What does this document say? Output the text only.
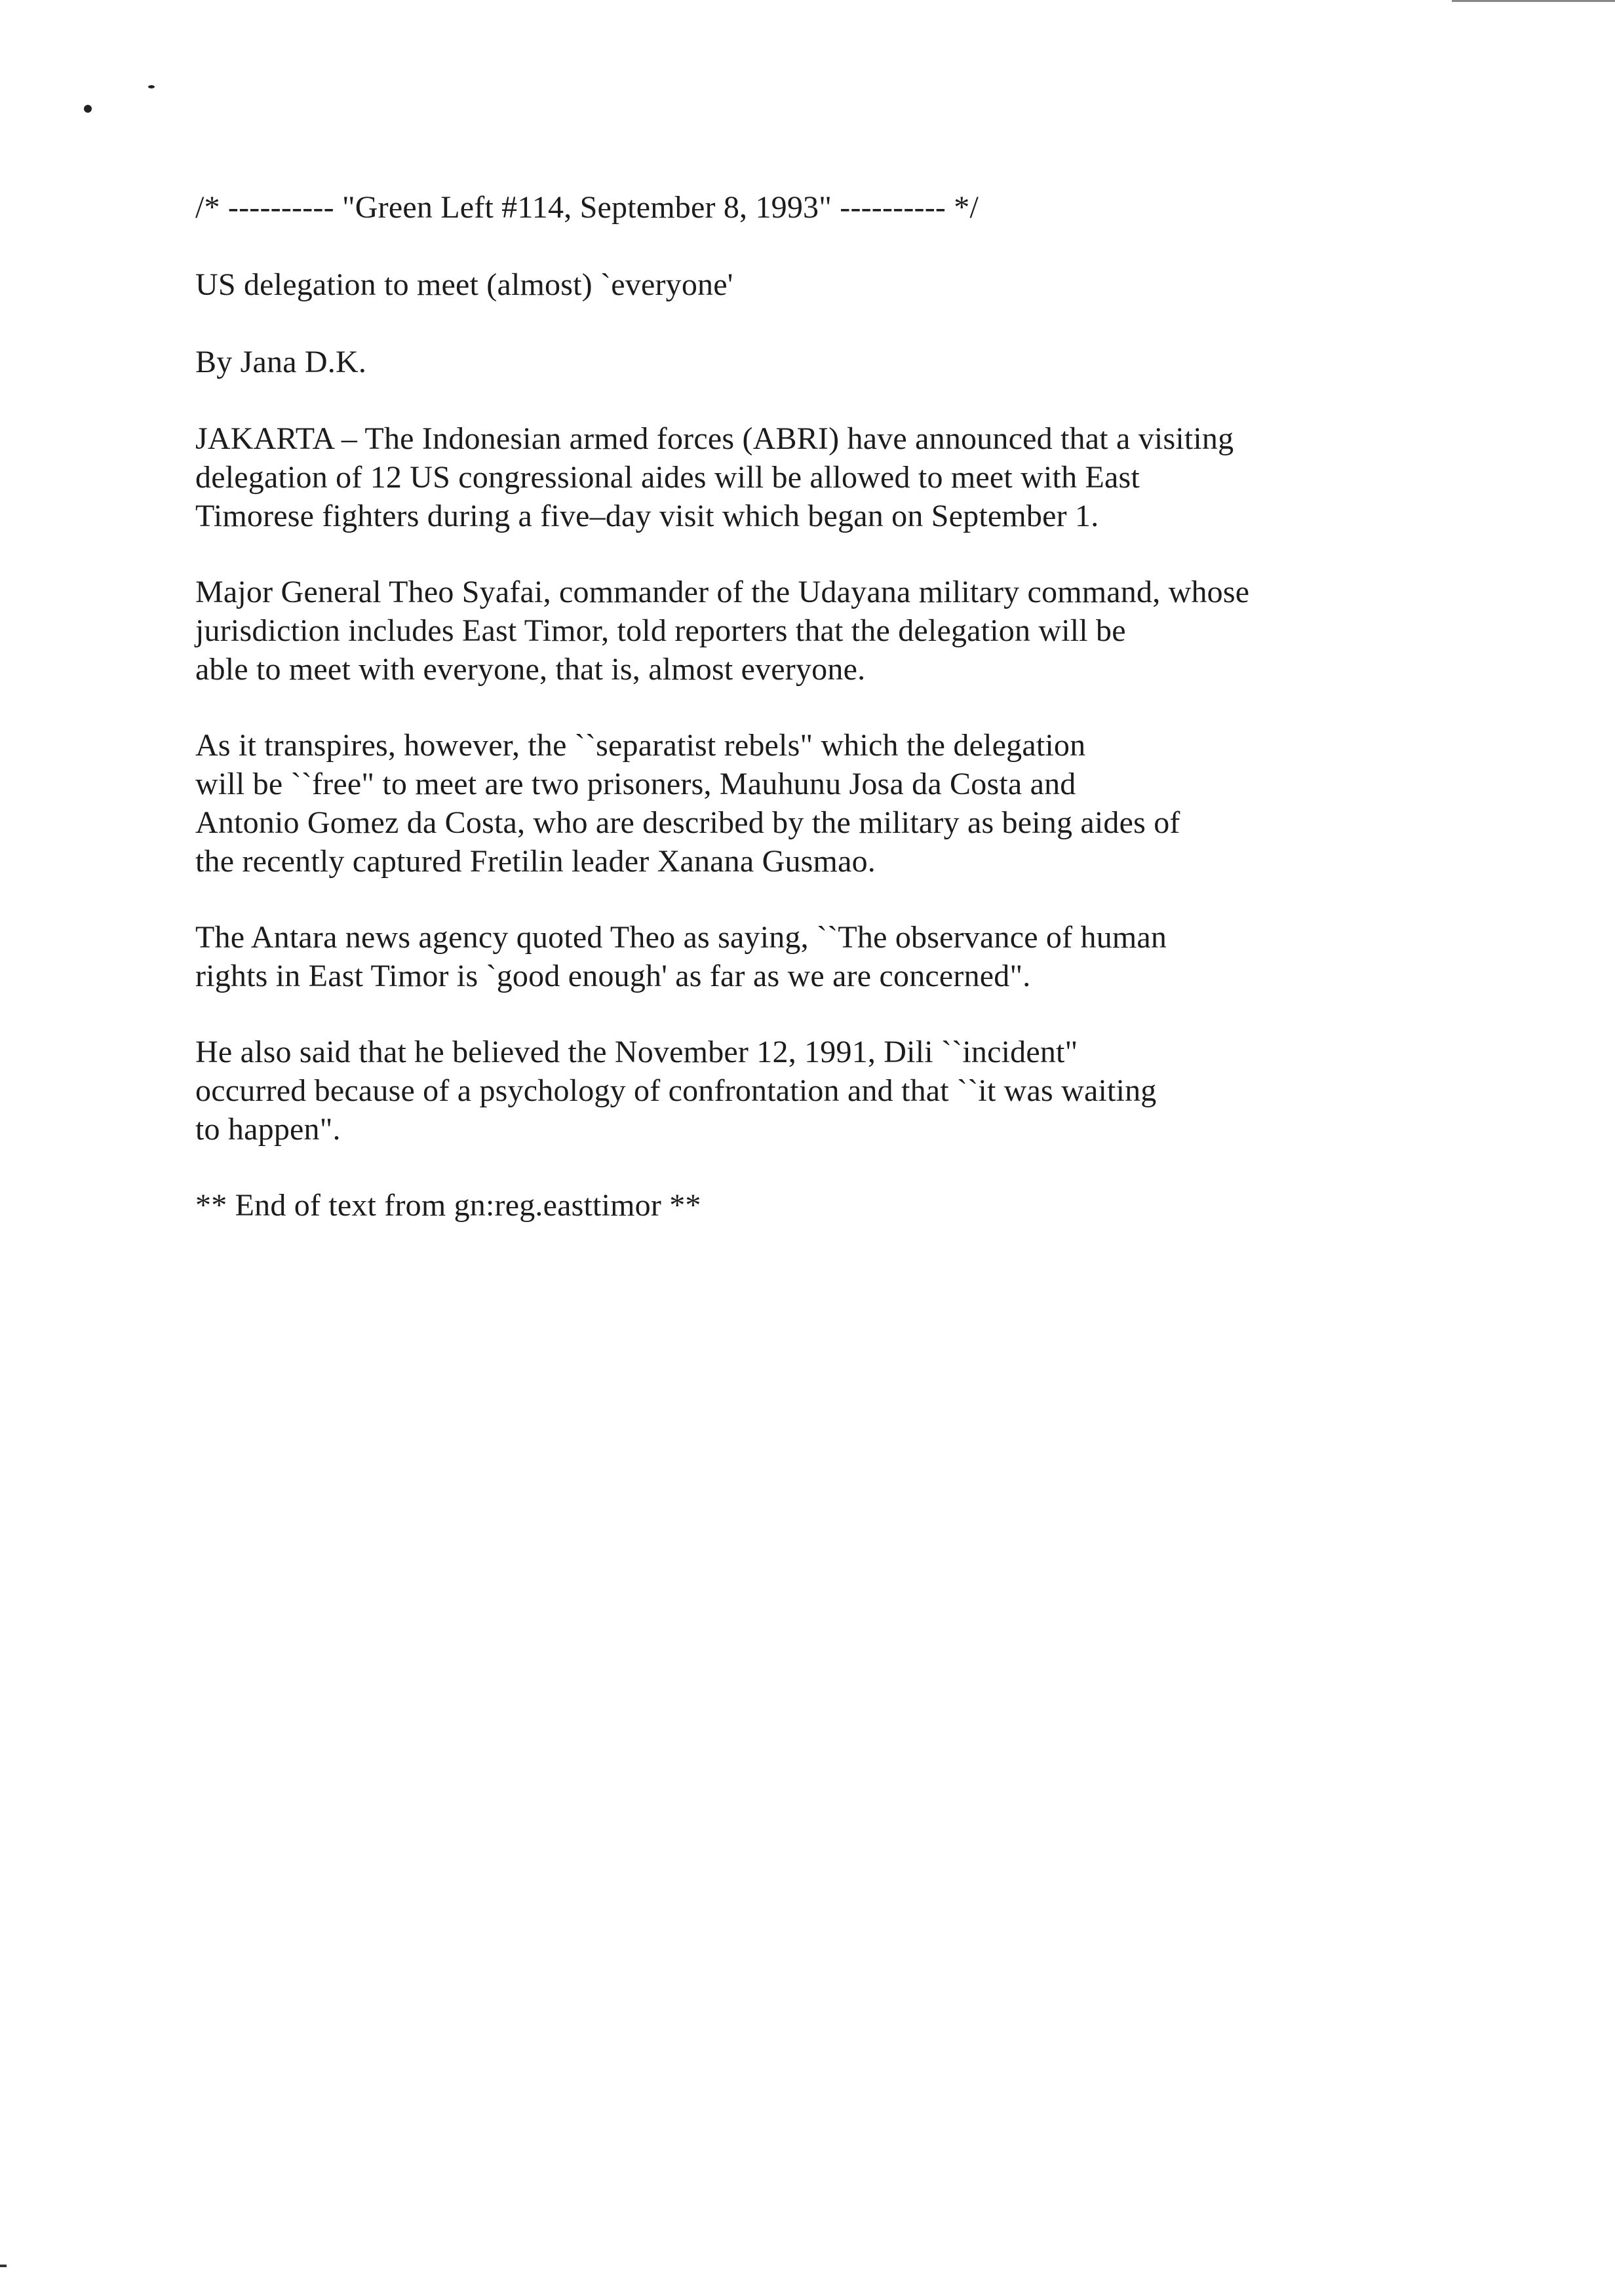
/* ---------- "Green Left #114, September 8, 1993" ---------- */
US delegation to meet (almost) `everyone'
By Jana D.K.
JAKARTA – The Indonesian armed forces (ABRI) have announced that a visiting
delegation of 12 US congressional aides will be allowed to meet with East
Timorese fighters during a five–day visit which began on September 1.
Major General Theo Syafai, commander of the Udayana military command, whose
jurisdiction includes East Timor, told reporters that the delegation will be
able to meet with everyone, that is, almost everyone.
As it transpires, however, the ``separatist rebels" which the delegation
will be ``free" to meet are two prisoners, Mauhunu Josa da Costa and
Antonio Gomez da Costa, who are described by the military as being aides of
the recently captured Fretilin leader Xanana Gusmao.
The Antara news agency quoted Theo as saying, ``The observance of human
rights in East Timor is `good enough' as far as we are concerned".
He also said that he believed the November 12, 1991, Dili ``incident"
occurred because of a psychology of confrontation and that ``it was waiting
to happen".
** End of text from gn:reg.easttimor **
